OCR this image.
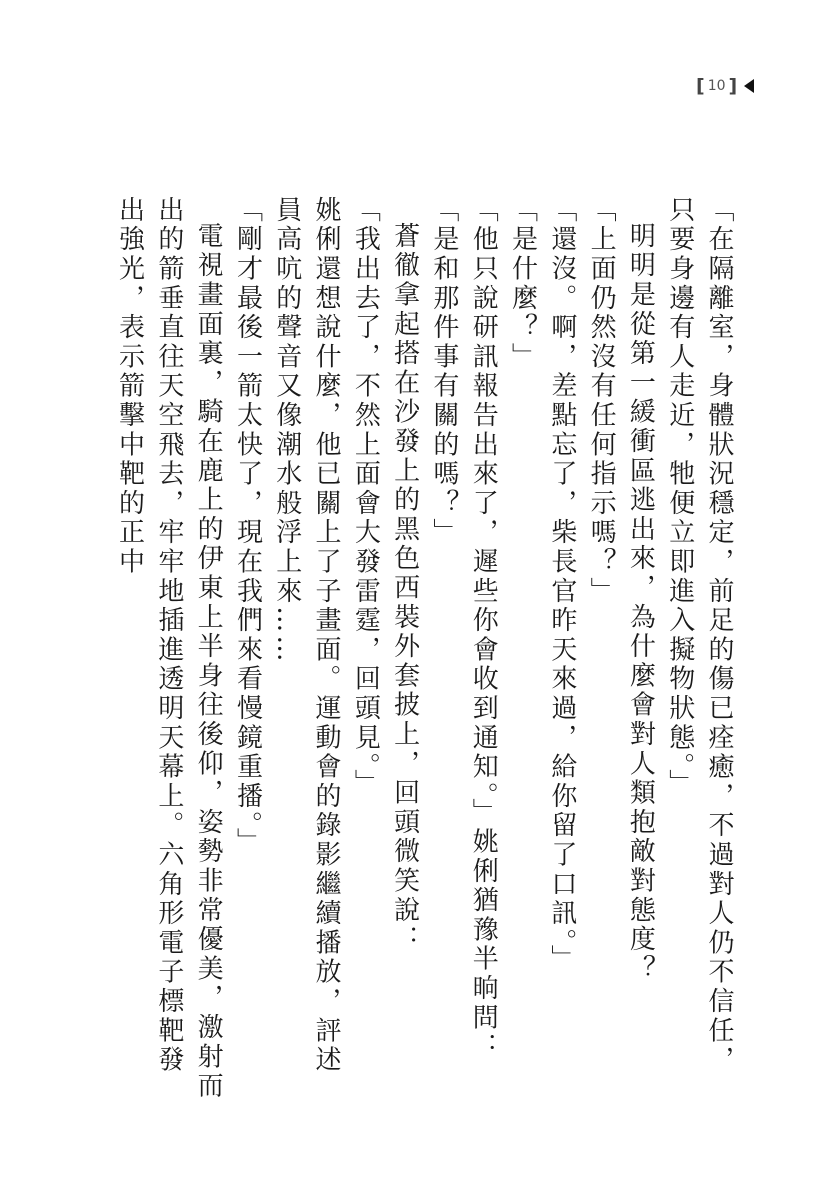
[ 10 ]

「在隔離室，身體狀況穩定，前足的傷已痊癒，不過對人仍不信任，只要身邊有人走近，牠便立即進入擬物狀態。」

明明是從第一緩衝區逃出來，為什麼會對人類抱敵對態度？

「上面仍然沒有任何指示嗎？」

「還沒。啊，差點忘了，柴長官昨天來過，給你留了口訊。」

「是什麼？」

「他只說研訊報告出來了，遲些你會收到通知。」姚俐猶豫半晌問：「是和那件事有關的嗎？」

蒼徹拿起搭在沙發上的黑色西裝外套披上，回頭微笑說：

「我出去了，不然上面會大發雷霆，回頭見。」

姚俐還想說什麼，他已關上了子畫面。運動會的錄影繼續播放，評述員高吭的聲音又像潮水般浮上來……

「剛才最後一箭太快了，現在我們來看慢鏡重播。」

電視畫面裏，騎在鹿上的伊東上半身往後仰，姿勢非常優美，激射而出的箭垂直往天空飛去，牢牢地插進透明天幕上。六角形電子標靶發出強光，表示箭擊中靶的正中
